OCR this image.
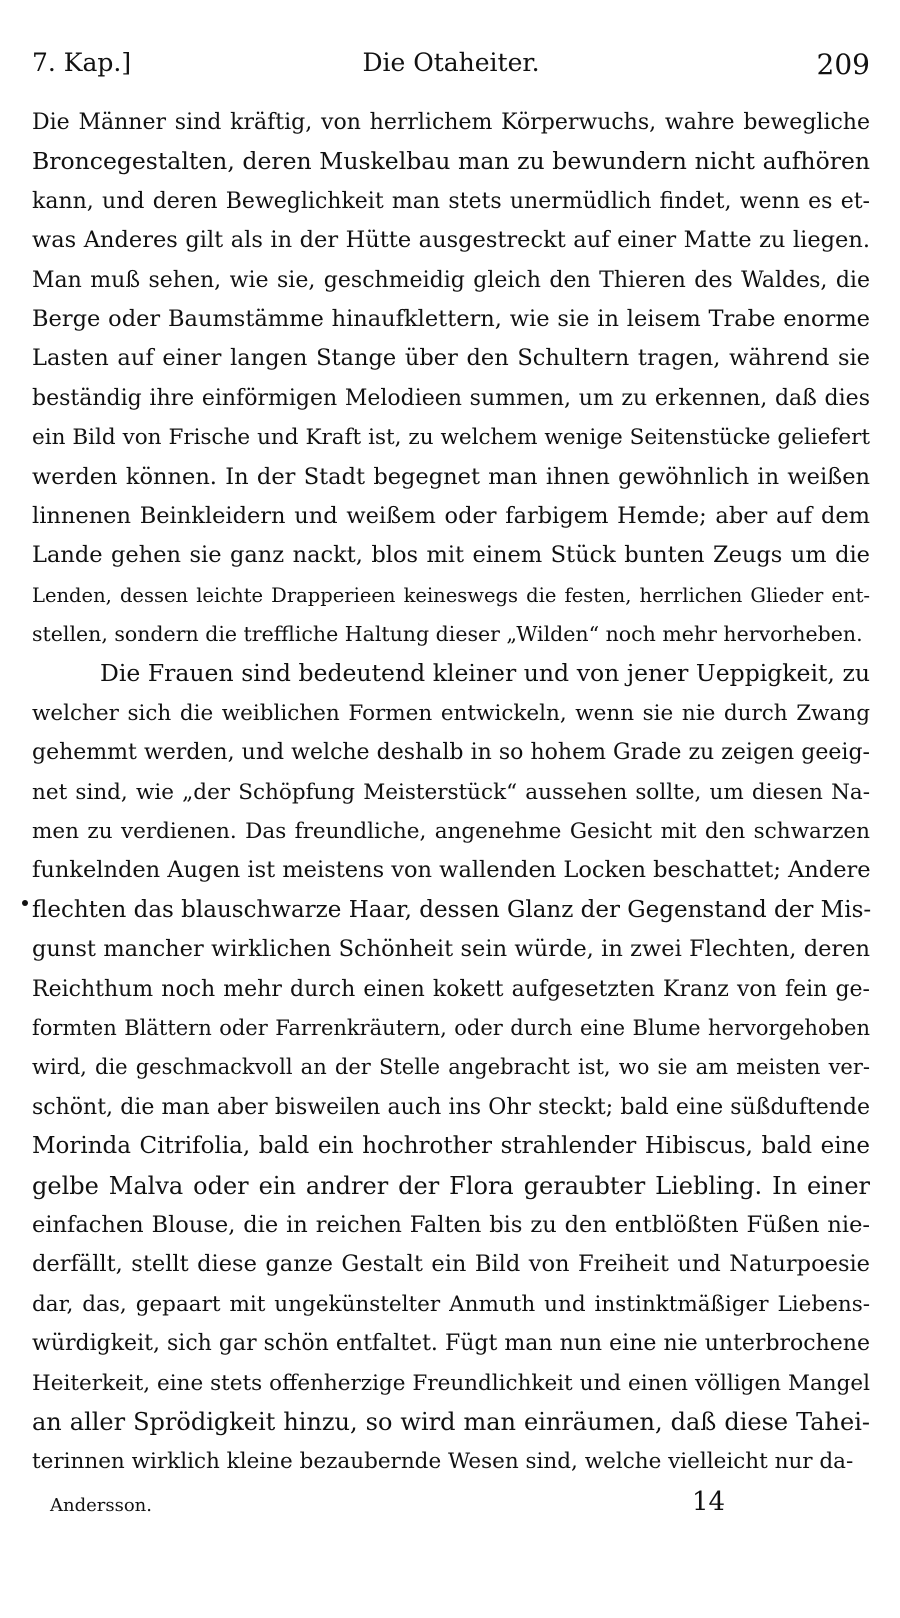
7. Kap.]	Die Otaheiter.	209
Die Männer sind kräftig, von herrlichem Körperwuchs, wahre bewegliche
Broncegestalten, deren Muskelbau man zu bewundern nicht aufhören
kann, und deren Beweglichkeit man stets unermüdlich findet, wenn es et-
was Anderes gilt als in der Hütte ausgestreckt auf einer Matte zu liegen.
Man muß sehen, wie sie, geschmeidig gleich den Thieren des Waldes, die
Berge oder Baumstämme hinaufklettern, wie sie in leisem Trabe enorme
Lasten auf einer langen Stange über den Schultern tragen, während sie
beständig ihre einförmigen Melodieen summen, um zu erkennen, daß dies
ein Bild von Frische und Kraft ist, zu welchem wenige Seitenstücke geliefert
werden können. In der Stadt begegnet man ihnen gewöhnlich in weißen
linnenen Beinkleidern und weißem oder farbigem Hemde; aber auf dem
Lande gehen sie ganz nackt, blos mit einem Stück bunten Zeugs um die
Lenden, dessen leichte Drapperieen keineswegs die festen, herrlichen Glieder ent-
stellen, sondern die treffliche Haltung dieser „Wilden“ noch mehr hervorheben.
Die Frauen sind bedeutend kleiner und von jener Ueppigkeit, zu
welcher sich die weiblichen Formen entwickeln, wenn sie nie durch Zwang
gehemmt werden, und welche deshalb in so hohem Grade zu zeigen geeig-
net sind, wie „der Schöpfung Meisterstück“ aussehen sollte, um diesen Na-
men zu verdienen. Das freundliche, angenehme Gesicht mit den schwarzen
funkelnden Augen ist meistens von wallenden Locken beschattet; Andere
flechten das blauschwarze Haar, dessen Glanz der Gegenstand der Mis-
gunst mancher wirklichen Schönheit sein würde, in zwei Flechten, deren
Reichthum noch mehr durch einen kokett aufgesetzten Kranz von fein ge-
formten Blättern oder Farrenkräutern, oder durch eine Blume hervorgehoben
wird, die geschmackvoll an der Stelle angebracht ist, wo sie am meisten ver-
schönt, die man aber bisweilen auch ins Ohr steckt; bald eine süßduftende
Morinda Citrifolia, bald ein hochrother strahlender Hibiscus, bald eine
gelbe Malva oder ein andrer der Flora geraubter Liebling. In einer
einfachen Blouse, die in reichen Falten bis zu den entblößten Füßen nie-
derfällt, stellt diese ganze Gestalt ein Bild von Freiheit und Naturpoesie
dar, das, gepaart mit ungekünstelter Anmuth und instinktmäßiger Liebens-
würdigkeit, sich gar schön entfaltet. Fügt man nun eine nie unterbrochene
Heiterkeit, eine stets offenherzige Freundlichkeit und einen völligen Mangel
an aller Sprödigkeit hinzu, so wird man einräumen, daß diese Tahei-
terinnen wirklich kleine bezaubernde Wesen sind, welche vielleicht nur da-
Andersson.	14
